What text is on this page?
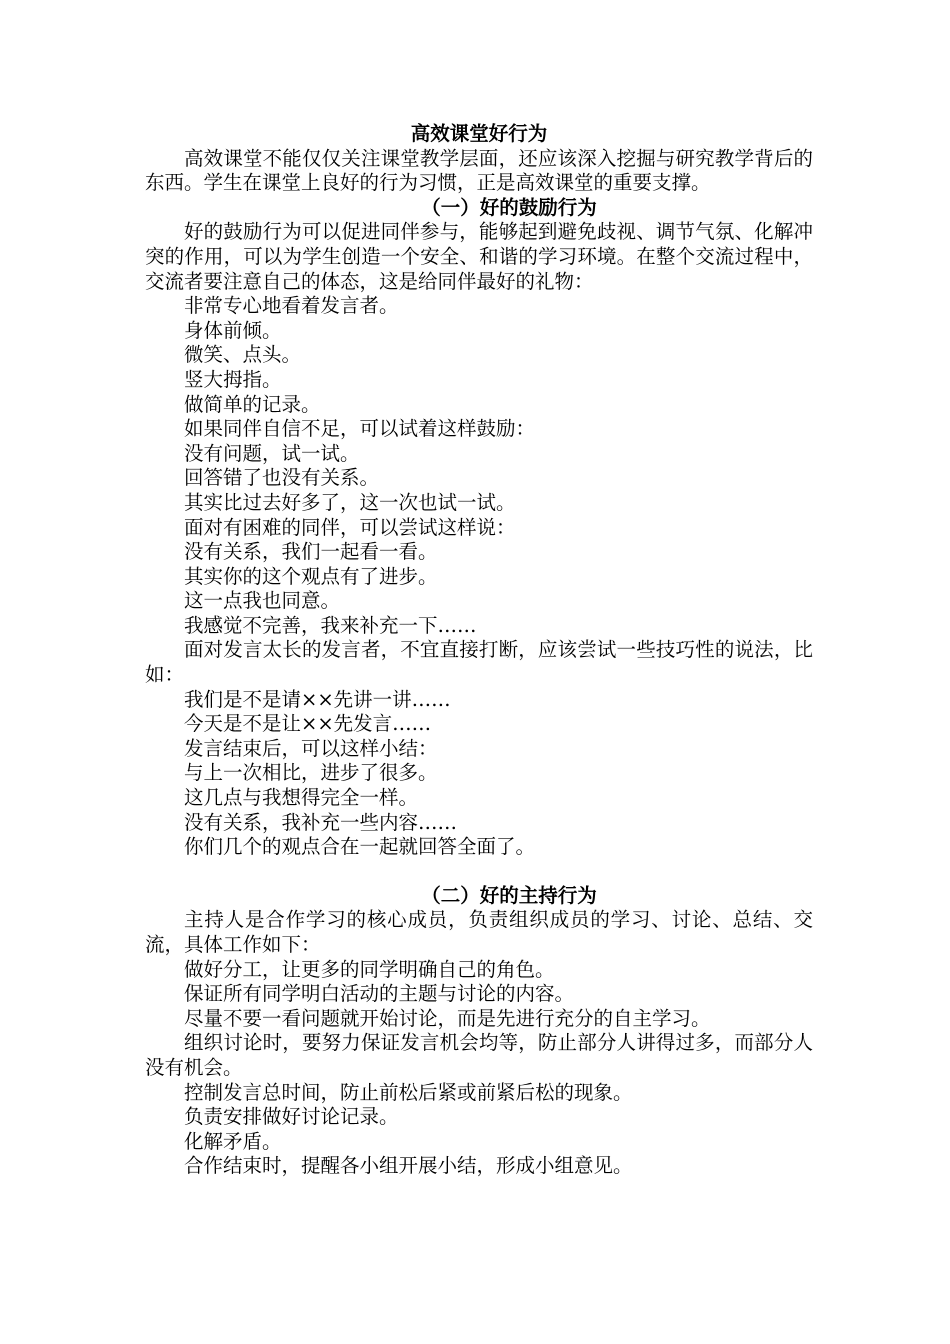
高效课堂好行为

高效课堂不能仅仅关注课堂教学层面，还应该深入挖掘与研究教学背后的东西。学生在课堂上良好的行为习惯，正是高效课堂的重要支撑。

（一）好的鼓励行为

好的鼓励行为可以促进同伴参与，能够起到避免歧视、调节气氛、化解冲突的作用，可以为学生创造一个安全、和谐的学习环境。在整个交流过程中，交流者要注意自己的体态，这是给同伴最好的礼物：

非常专心地看着发言者。
身体前倾。
微笑、点头。
竖大拇指。
做简单的记录。
如果同伴自信不足，可以试着这样鼓励：
没有问题，试一试。
回答错了也没有关系。
其实比过去好多了，这一次也试一试。
面对有困难的同伴，可以尝试这样说：
没有关系，我们一起看一看。
其实你的这个观点有了进步。
这一点我也同意。
我感觉不完善，我来补充一下……

面对发言太长的发言者，不宜直接打断，应该尝试一些技巧性的说法，比如：

我们是不是请××先讲一讲……
今天是不是让××先发言……
发言结束后，可以这样小结：
与上一次相比，进步了很多。
这几点与我想得完全一样。
没有关系，我补充一些内容……
你们几个的观点合在一起就回答全面了。
（二）好的主持行为

主持人是合作学习的核心成员，负责组织成员的学习、讨论、总结、交流，具体工作如下：

做好分工，让更多的同学明确自己的角色。
保证所有同学明白活动的主题与讨论的内容。
尽量不要一看问题就开始讨论，而是先进行充分的自主学习。

组织讨论时，要努力保证发言机会均等，防止部分人讲得过多，而部分人没有机会。

控制发言总时间，防止前松后紧或前紧后松的现象。
负责安排做好讨论记录。
化解矛盾。
合作结束时，提醒各小组开展小结，形成小组意见。
